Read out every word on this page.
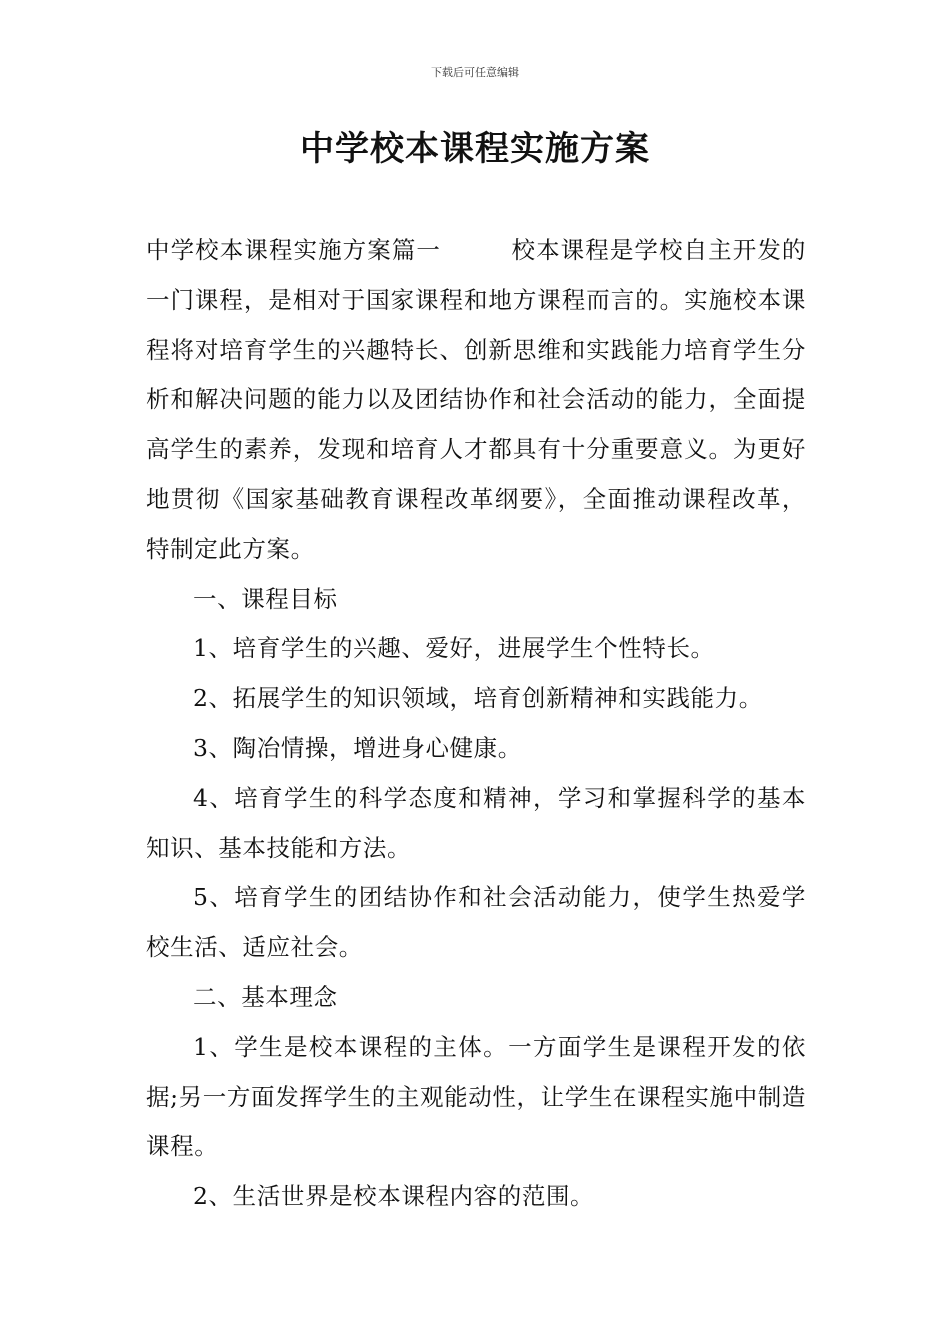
下载后可任意编辑
中学校本课程实施方案

中学校本课程实施方案篇一	校本课程是学校自主开发的一门课程，是相对于国家课程和地方课程而言的。实施校本课程将对培育学生的兴趣特长、创新思维和实践能力培育学生分析和解决问题的能力以及团结协作和社会活动的能力，全面提高学生的素养，发现和培育人才都具有十分重要意义。为更好地贯彻《国家基础教育课程改革纲要》，全面推动课程改革，特制定此方案。

一、课程目标

1、培育学生的兴趣、爱好，进展学生个性特长。

2、拓展学生的知识领域，培育创新精神和实践能力。

3、陶冶情操，增进身心健康。

4、培育学生的科学态度和精神，学习和掌握科学的基本知识、基本技能和方法。

5、培育学生的团结协作和社会活动能力，使学生热爱学校生活、适应社会。

二、基本理念

1、学生是校本课程的主体。一方面学生是课程开发的依据;另一方面发挥学生的主观能动性，让学生在课程实施中制造课程。

2、生活世界是校本课程内容的范围。
